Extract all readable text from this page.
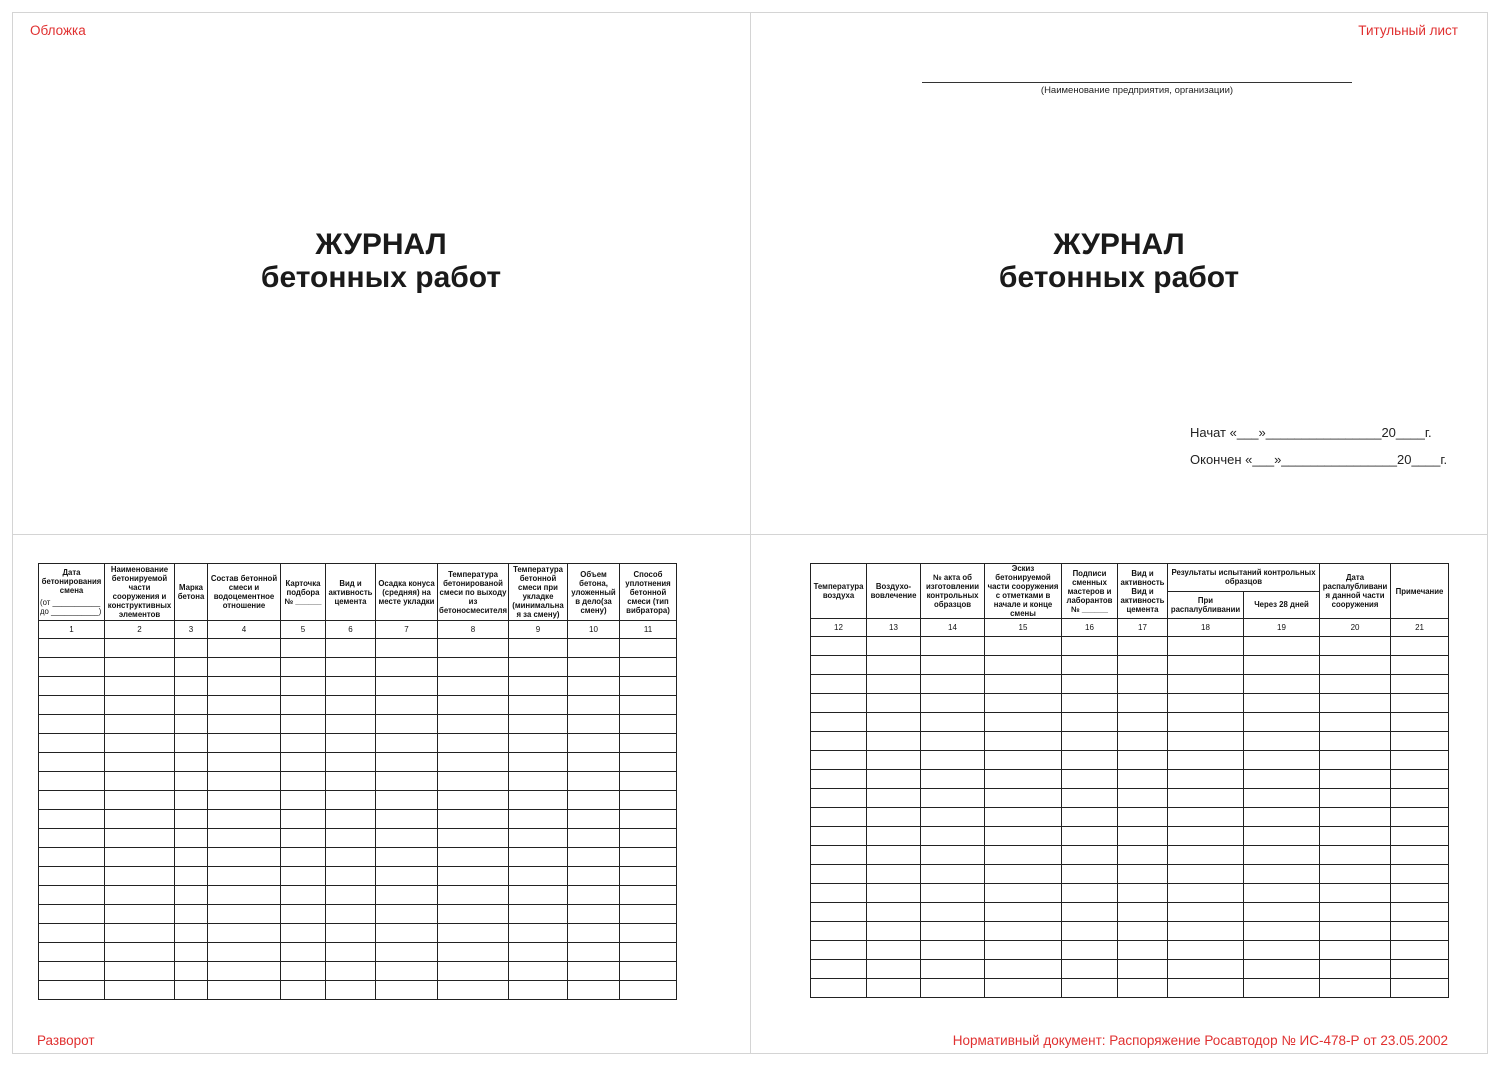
Обложка	Титульный лист
Разворот	Нормативный документ: Распоряжение Росавтодор № ИС-478-Р от 23.05.2002
ЖУРНАЛ
бетонных работ
(Наименование предприятия, организации)
ЖУРНАЛ
бетонных работ
Начат «___»________________20____г.
Окончен «___»________________20____г.
Дата бетонирования смена
(от ___________
до ___________)	Наименование бетонируемой части сооружения и конструктивных элементов	Марка бетона	Состав бетонной смеси и водоцементное отношение	Карточка подбора № ______	Вид и активность цемента	Осадка конуса (средняя) на месте укладки	Температура бетонированой смеси по выходу из бетоносмесителя	Температура бетонной смеси при укладке (минимальна я за смену)	Объем бетона, уложенный в дело(за смену)	Способ уплотнения бетонной смеси (тип вибратора)
1	2	3	4	5	6	7	8	9	10	11

Температура воздуха	Воздухо-вовлечение	№ акта об изготовлении контрольных образцов	Эскиз бетонируемой части сооружения с отметками в начале и конце смены	Подписи сменных мастеров и лаборантов № ______	Вид и активность Вид и активность цемента	Результаты испытаний контрольных образцов		Дата распалубливани я данной части сооружения	Примечание
						При распалубливании	Через 28 дней		
12	13	14	15	16	17	18	19	20	21
